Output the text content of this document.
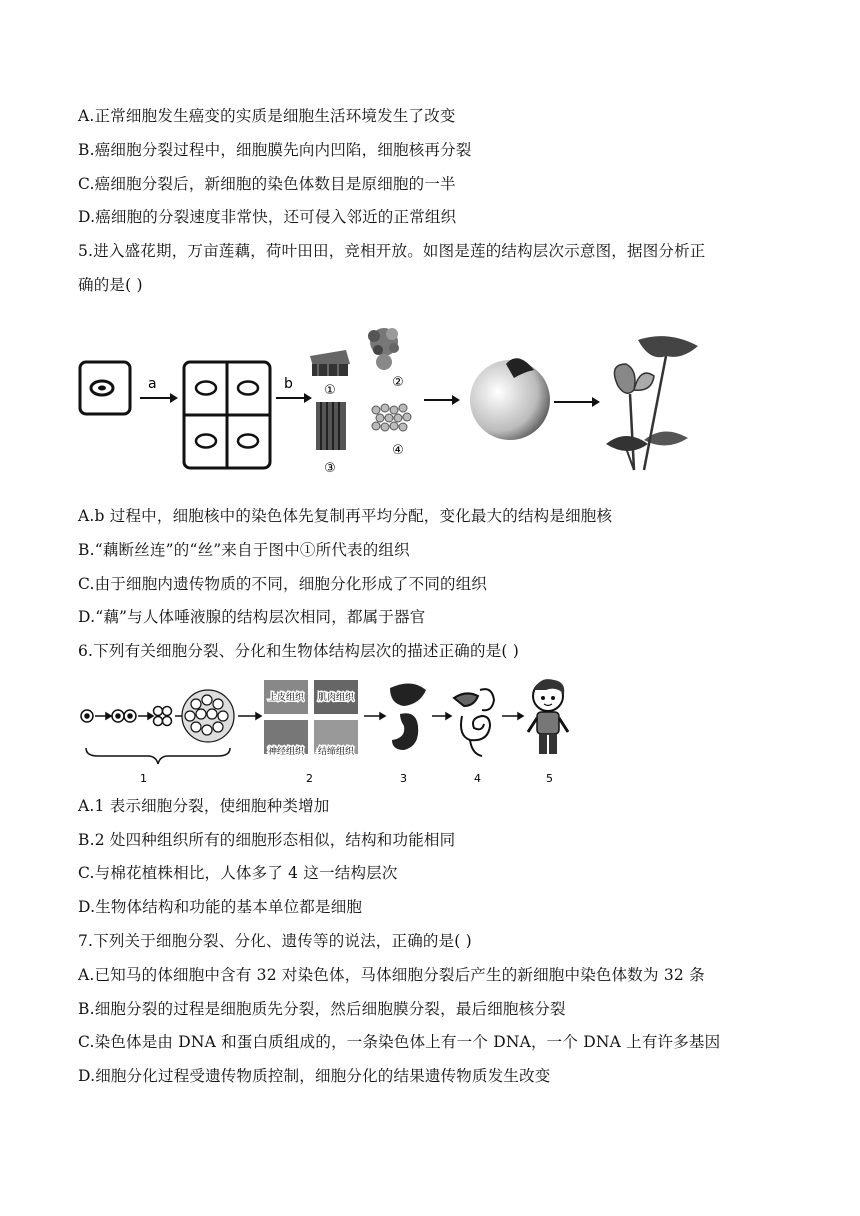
A.正常细胞发生癌变的实质是细胞生活环境发生了改变
B.癌细胞分裂过程中，细胞膜先向内凹陷，细胞核再分裂
C.癌细胞分裂后，新细胞的染色体数目是原细胞的一半
D.癌细胞的分裂速度非常快，还可侵入邻近的正常组织
5.进入盛花期，万亩莲藕，荷叶田田，竞相开放。如图是莲的结构层次示意图，据图分析正
确的是( )
a	b ①
③
②
④
A.b 过程中，细胞核中的染色体先复制再平均分配，变化最大的结构是细胞核
B.“藕断丝连”的“丝”来自于图中①所代表的组织
C.由于细胞内遗传物质的不同，细胞分化形成了不同的组织
D.“藕”与人体唾液腺的结构层次相同，都属于器官
6.下列有关细胞分裂、分化和生物体结构层次的描述正确的是( )
1
上皮组织 肌肉组织
神经组织 结缔组织
2	3	4	5
A.1 表示细胞分裂，使细胞种类增加
B.2 处四种组织所有的细胞形态相似，结构和功能相同
C.与棉花植株相比，人体多了 4 这一结构层次
D.生物体结构和功能的基本单位都是细胞
7.下列关于细胞分裂、分化、遗传等的说法，正确的是( )
A.已知马的体细胞中含有 32 对染色体，马体细胞分裂后产生的新细胞中染色体数为 32 条
B.细胞分裂的过程是细胞质先分裂，然后细胞膜分裂，最后细胞核分裂
C.染色体是由 DNA 和蛋白质组成的，一条染色体上有一个 DNA，一个 DNA 上有许多基因
D.细胞分化过程受遗传物质控制，细胞分化的结果遗传物质发生改变
